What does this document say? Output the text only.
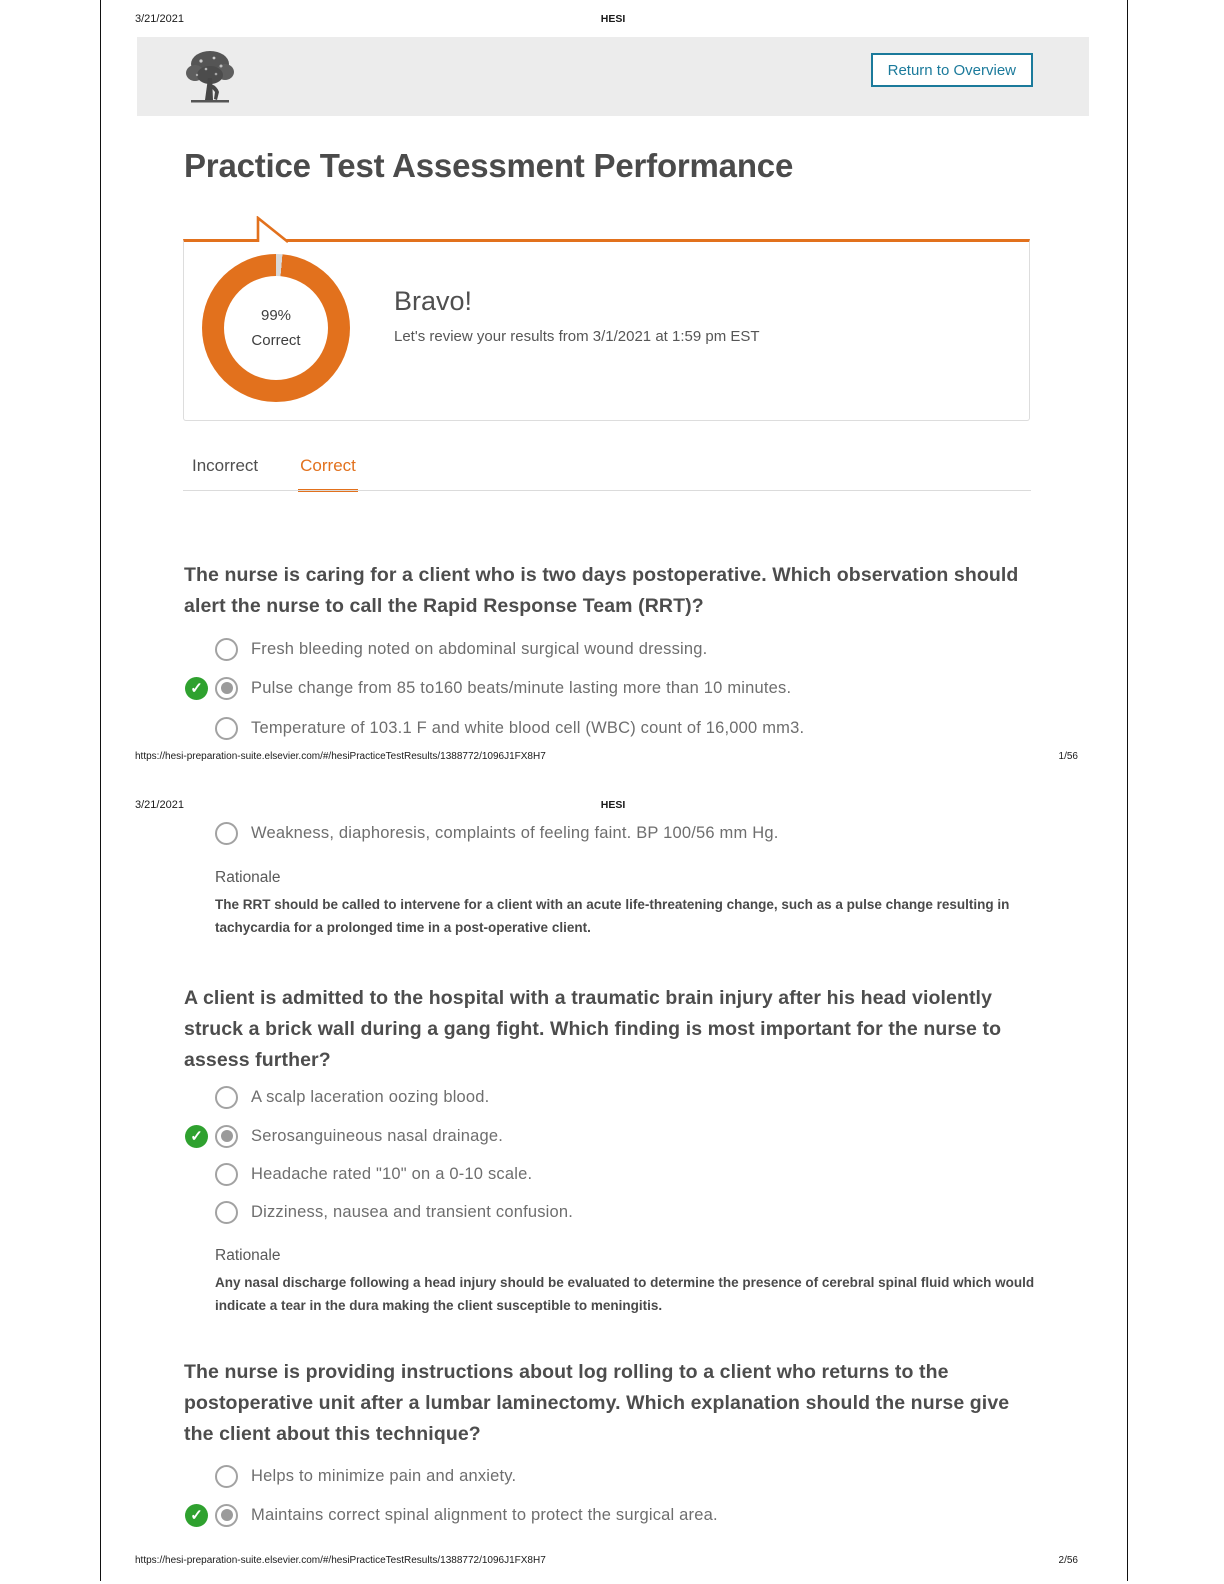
3/21/2021	HESI
Return to Overview
Practice Test Assessment Performance
99%
Correct
Bravo!
Let's review your results from 3/1/2021 at 1:59 pm EST
Incorrect Correct
The nurse is caring for a client who is two days postoperative. Which observation should alert the nurse to call the Rapid Response Team (RRT)?
Fresh bleeding noted on abdominal surgical wound dressing.
✓	Pulse change from 85 to160 beats/minute lasting more than 10 minutes.
Temperature of 103.1 F and white blood cell (WBC) count of 16,000 mm3.
https://hesi-preparation-suite.elsevier.com/#/hesiPracticeTestResults/1388772/1096J1FX8H7	1/56
3/21/2021	HESI
Weakness, diaphoresis, complaints of feeling faint. BP 100/56 mm Hg.
Rationale
The RRT should be called to intervene for a client with an acute life-threatening change, such as a pulse change resulting in tachycardia for a prolonged time in a post-operative client.
A client is admitted to the hospital with a traumatic brain injury after his head violently struck a brick wall during a gang fight. Which finding is most important for the nurse to assess further?
A scalp laceration oozing blood.
✓	Serosanguineous nasal drainage.
Headache rated "10" on a 0-10 scale.
Dizziness, nausea and transient confusion.
Rationale
Any nasal discharge following a head injury should be evaluated to determine the presence of cerebral spinal fluid which would indicate a tear in the dura making the client susceptible to meningitis.
The nurse is providing instructions about log rolling to a client who returns to the postoperative unit after a lumbar laminectomy. Which explanation should the nurse give the client about this technique?
Helps to minimize pain and anxiety.
✓	Maintains correct spinal alignment to protect the surgical area.
https://hesi-preparation-suite.elsevier.com/#/hesiPracticeTestResults/1388772/1096J1FX8H7	2/56
